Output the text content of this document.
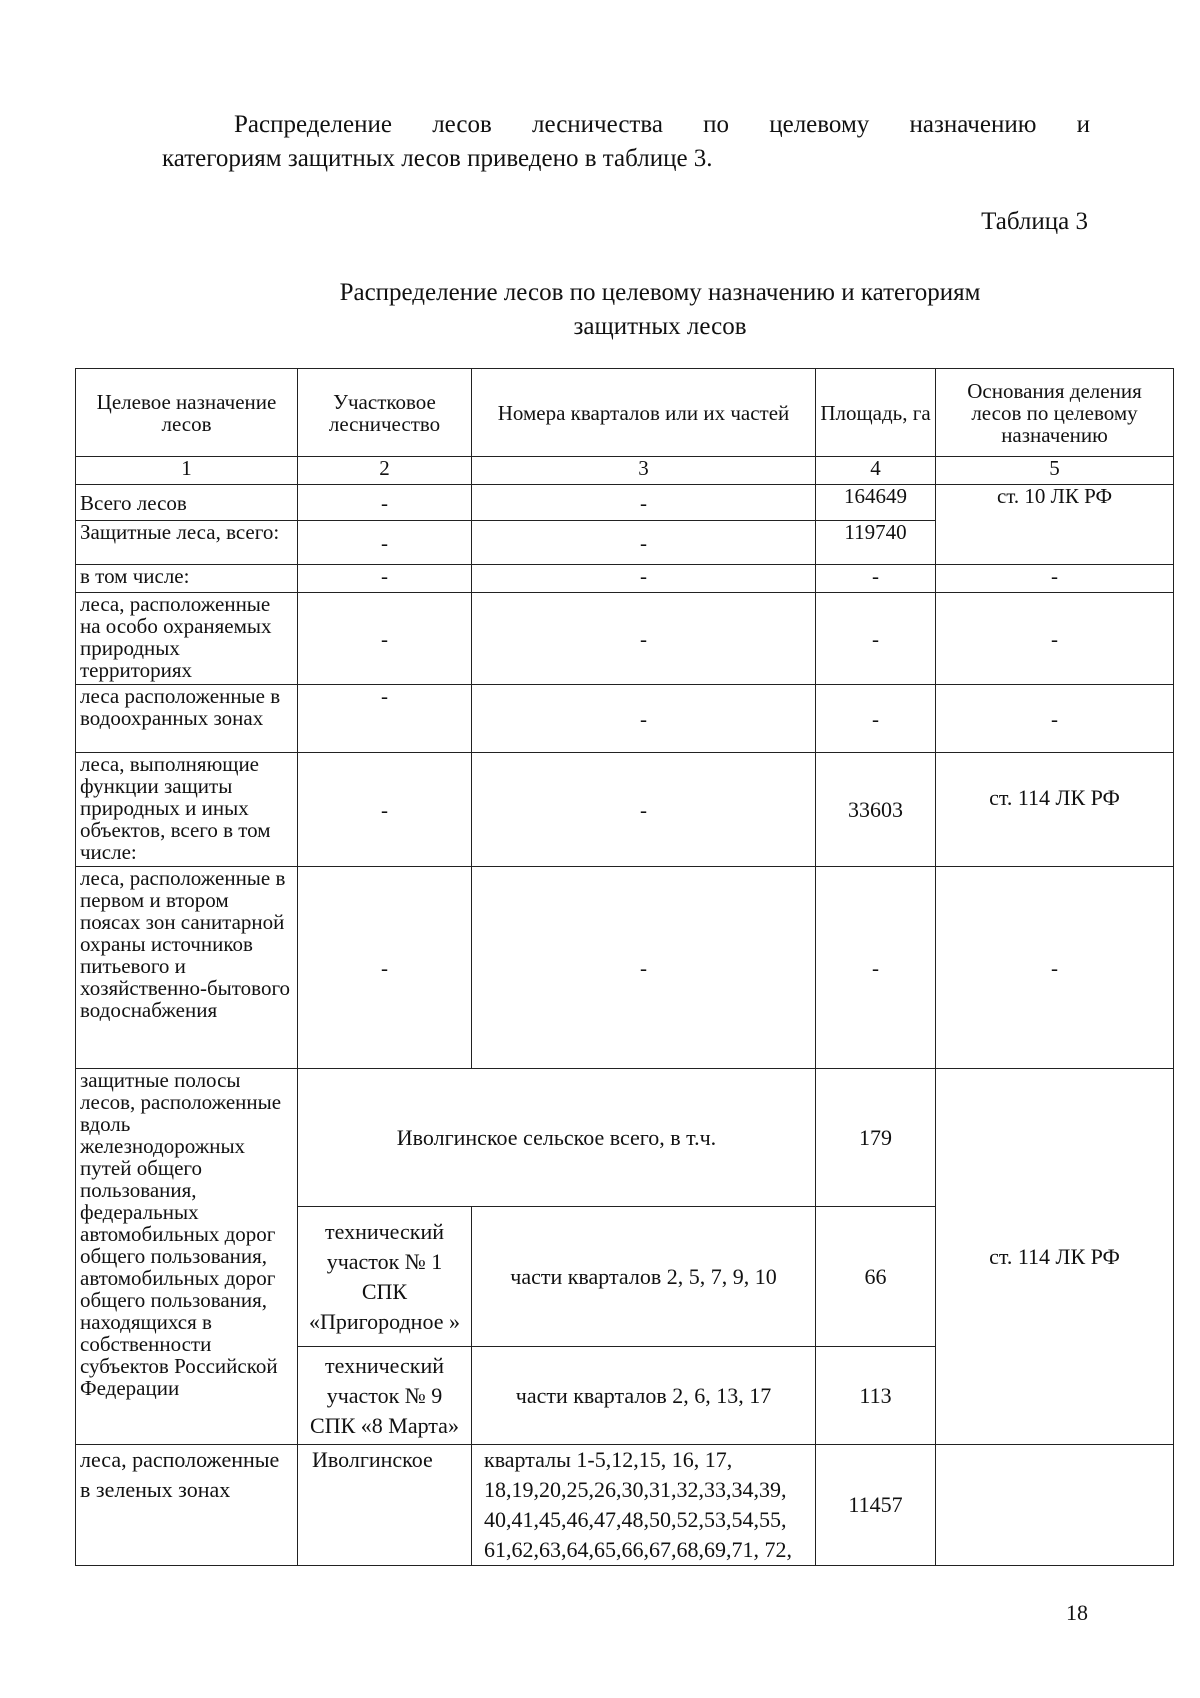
Распределение лесов лесничества по целевому назначению и
категориям защитных лесов приведено в таблице 3.
Таблица 3
Распределение лесов по целевому назначению и категориям
защитных лесов
Целевое назначение лесов	Участковое лесничество	Номера кварталов или их частей	Площадь, га	Основания деления лесов по целевому назначению
1	2	3	4	5
Всего лесов	-	-	164649	ст. 10 ЛК РФ
Защитные леса, всего:	-	-	119740	
в том числе:	-	-	-	-
леса, расположенные на особо охраняемых природных территориях	-	-	-	-
леса расположенные в водоохранных зонах	-	-	-	-
леса, выполняющие функции защиты природных и иных объектов, всего в том числе:	-	-	33603	ст. 114 ЛК РФ
леса, расположенные в первом и втором поясах зон санитарной охраны источников питьевого и хозяйственно-бытового водоснабжения	-	-	-	-
защитные полосы лесов, расположенные вдоль железнодорожных путей общего пользования, федеральных автомобильных дорог общего пользования, автомобильных дорог общего пользования, находящихся в собственности субъектов Российской Федерации	Иволгинское сельское всего, в т.ч.		179	ст. 114 ЛК РФ
	технический участок № 1 СПК «Пригородное »	части кварталов 2, 5, 7, 9, 10	66	
	технический участок № 9 СПК «8 Марта»	части кварталов 2, 6, 13, 17	113	
леса, расположенные в зеленых зонах	Иволгинское	кварталы 1-5,12,15, 16, 17, 18,19,20,25,26,30,31,32,33,34,39, 40,41,45,46,47,48,50,52,53,54,55, 61,62,63,64,65,66,67,68,69,71, 72,	11457	
18
